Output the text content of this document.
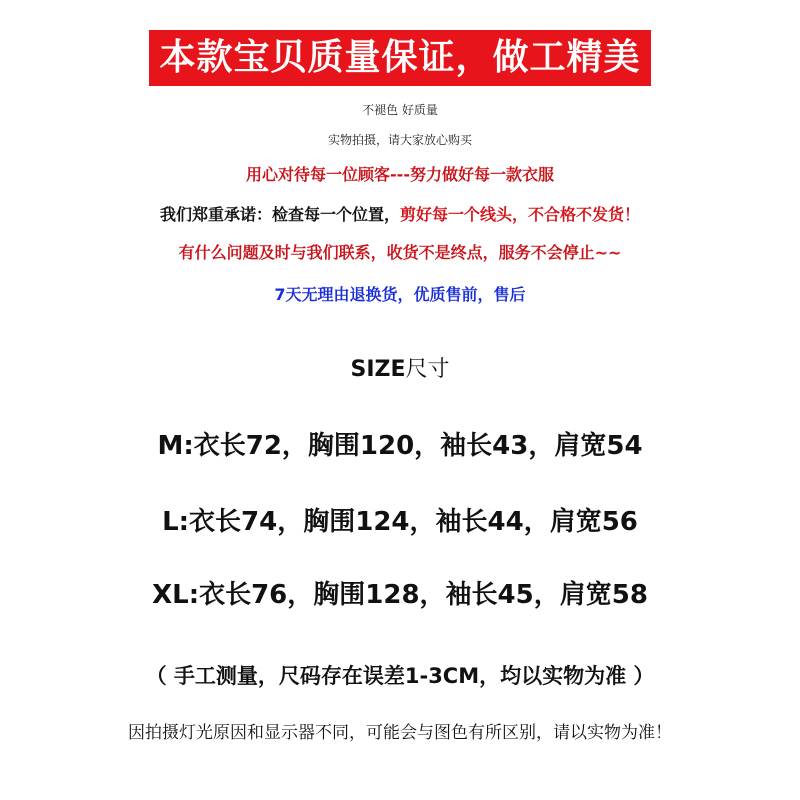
本款宝贝质量保证，做工精美
不褪色 好质量
实物拍摄，请大家放心购买
用心对待每一位顾客---努力做好每一款衣服
我们郑重承诺：检查每一个位置，剪好每一个线头，不合格不发货！
有什么问题及时与我们联系，收货不是终点，服务不会停止~~
7天无理由退换货，优质售前，售后
SIZE尺寸
M:衣长72，胸围120，袖长43，肩宽54
L:衣长74，胸围124，袖长44，肩宽56
XL:衣长76，胸围128，袖长45，肩宽58
（ 手工测量，尺码存在误差1-3CM，均以实物为准 ）
因拍摄灯光原因和显示器不同，可能会与图色有所区别，请以实物为准！
